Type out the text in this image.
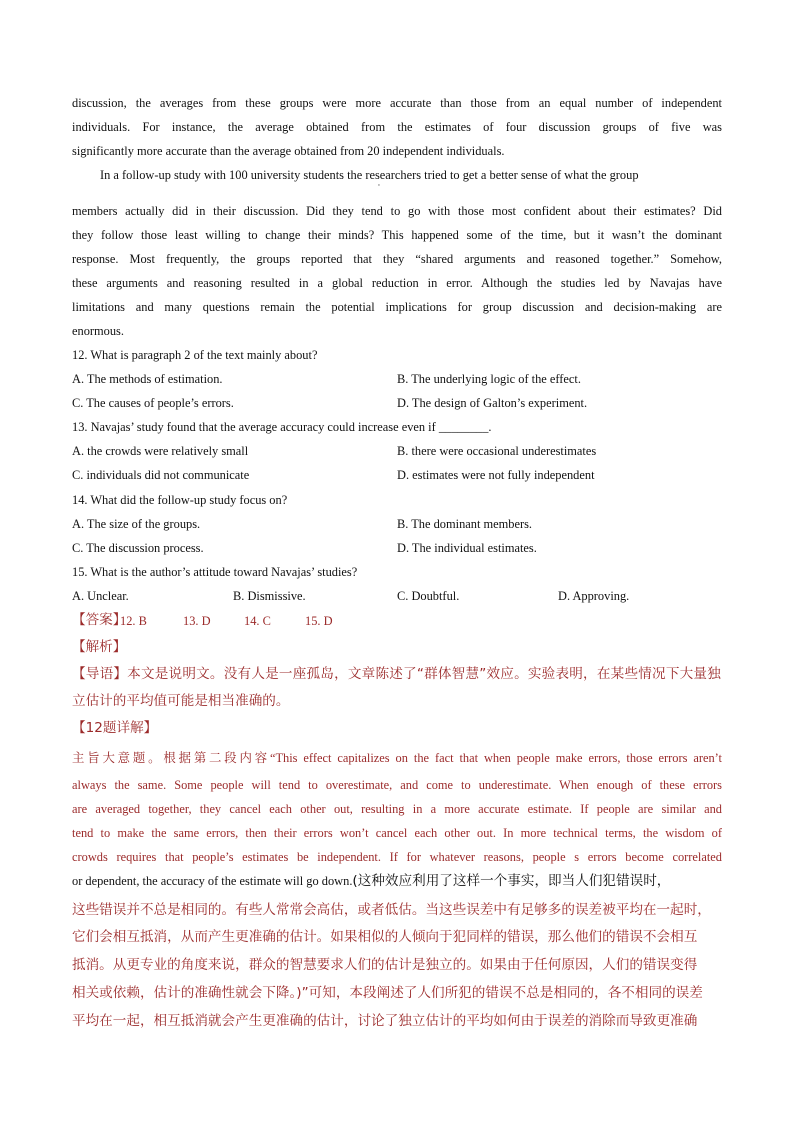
discussion, the averages from these groups were more accurate than those from an equal number of independent
individuals. For instance, the average obtained from the estimates of four discussion groups of five was
significantly more accurate than the average obtained from 20 independent individuals.
In a follow-up study with 100 university students the researchers tried to get a better sense of what the group
'
members actually did in their discussion. Did they tend to go with those most confident about their estimates? Did
they follow those least willing to change their minds? This happened some of the time, but it wasn’t the dominant
response. Most frequently, the groups reported that they “shared arguments and reasoned together.” Somehow,
these arguments and reasoning resulted in a global reduction in error. Although the studies led by Navajas have
limitations and many questions remain the potential implications for group discussion and decision-making are
enormous.
12. What is paragraph 2 of the text mainly about?
A. The methods of estimation.	B. The underlying logic of the effect.
C. The causes of people’s errors.	D. The design of Galton’s experiment.
13. Navajas’ study found that the average accuracy could increase even if ________.
A. the crowds were relatively small	B. there were occasional underestimates
C. individuals did not communicate	D. estimates were not fully independent
14. What did the follow-up study focus on?
A. The size of the groups.	B. The dominant members.
C. The discussion process.	D. The individual estimates.
15. What is the author’s attitude toward Navajas’ studies?
A. Unclear.	B. Dismissive.	C. Doubtful.	D. Approving.
【答案】
12. B	13. D	14. C	15. D
【解析】
【导语】本文是说明文。没有人是一座孤岛，文章陈述了“群体智慧”效应。实验表明，在某些情况下大量独
立估计的平均值可能是相当准确的。
【12题详解】
主旨大意题。根据第二段内容“This effect capitalizes on the fact that when people make errors, those errors aren’t
always the same. Some people will tend to overestimate, and come to underestimate. When enough of these errors
are averaged together, they cancel each other out, resulting in a more accurate estimate. If people are similar and
tend to make the same errors, then their errors won’t cancel each other out. In more technical terms, the wisdom of
crowds requires that people’s estimates be independent. If for whatever reasons, people s errors become correlated
or dependent, the accuracy of the estimate will go down.(这种效应利用了这样一个事实，即当人们犯错误时，
这些错误并不总是相同的。有些人常常会高估，或者低估。当这些误差中有足够多的误差被平均在一起时，
它们会相互抵消，从而产生更准确的估计。如果相似的人倾向于犯同样的错误，那么他们的错误不会相互
抵消。从更专业的角度来说，群众的智慧要求人们的估计是独立的。如果由于任何原因，人们的错误变得
相关或依赖，估计的准确性就会下降。)”可知，本段阐述了人们所犯的错误不总是相同的，各不相同的误差
平均在一起，相互抵消就会产生更准确的估计，讨论了独立估计的平均如何由于误差的消除而导致更准确
